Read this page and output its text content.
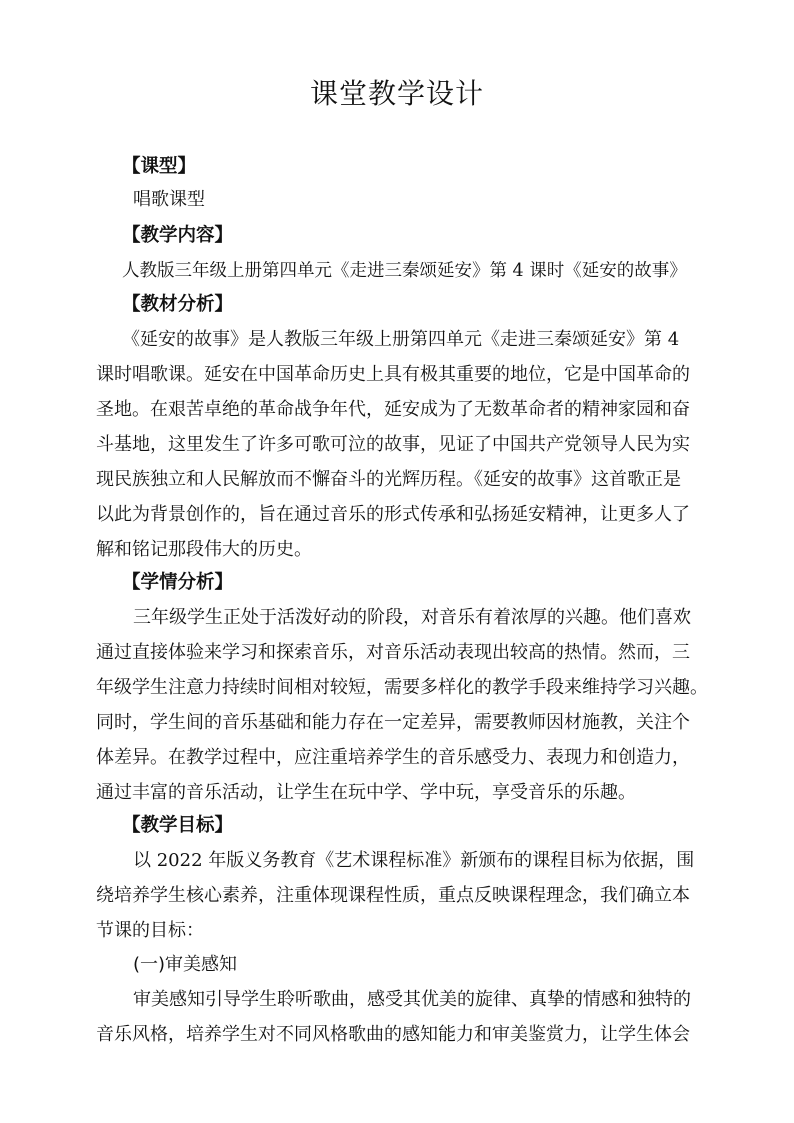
课堂教学设计
【课型】
唱歌课型
【教学内容】
人教版三年级上册第四单元《走进三秦颂延安》第 4 课时《延安的故事》
【教材分析】
《延安的故事》是人教版三年级上册第四单元《走进三秦颂延安》第 4
课时唱歌课。延安在中国革命历史上具有极其重要的地位，它是中国革命的
圣地。在艰苦卓绝的革命战争年代，延安成为了无数革命者的精神家园和奋
斗基地，这里发生了许多可歌可泣的故事，见证了中国共产党领导人民为实
现民族独立和人民解放而不懈奋斗的光辉历程。《延安的故事》这首歌正是
以此为背景创作的，旨在通过音乐的形式传承和弘扬延安精神，让更多人了
解和铭记那段伟大的历史。
【学情分析】
三年级学生正处于活泼好动的阶段，对音乐有着浓厚的兴趣。他们喜欢
通过直接体验来学习和探索音乐，对音乐活动表现出较高的热情。然而，三
年级学生注意力持续时间相对较短，需要多样化的教学手段来维持学习兴趣。
同时，学生间的音乐基础和能力存在一定差异，需要教师因材施教，关注个
体差异。在教学过程中，应注重培养学生的音乐感受力、表现力和创造力，
通过丰富的音乐活动，让学生在玩中学、学中玩，享受音乐的乐趣。
【教学目标】
以 2022 年版义务教育《艺术课程标准》新颁布的课程目标为依据，围
绕培养学生核心素养，注重体现课程性质，重点反映课程理念，我们确立本
节课的目标：
(一)审美感知
审美感知引导学生聆听歌曲，感受其优美的旋律、真挚的情感和独特的
音乐风格，培养学生对不同风格歌曲的感知能力和审美鉴赏力，让学生体会
